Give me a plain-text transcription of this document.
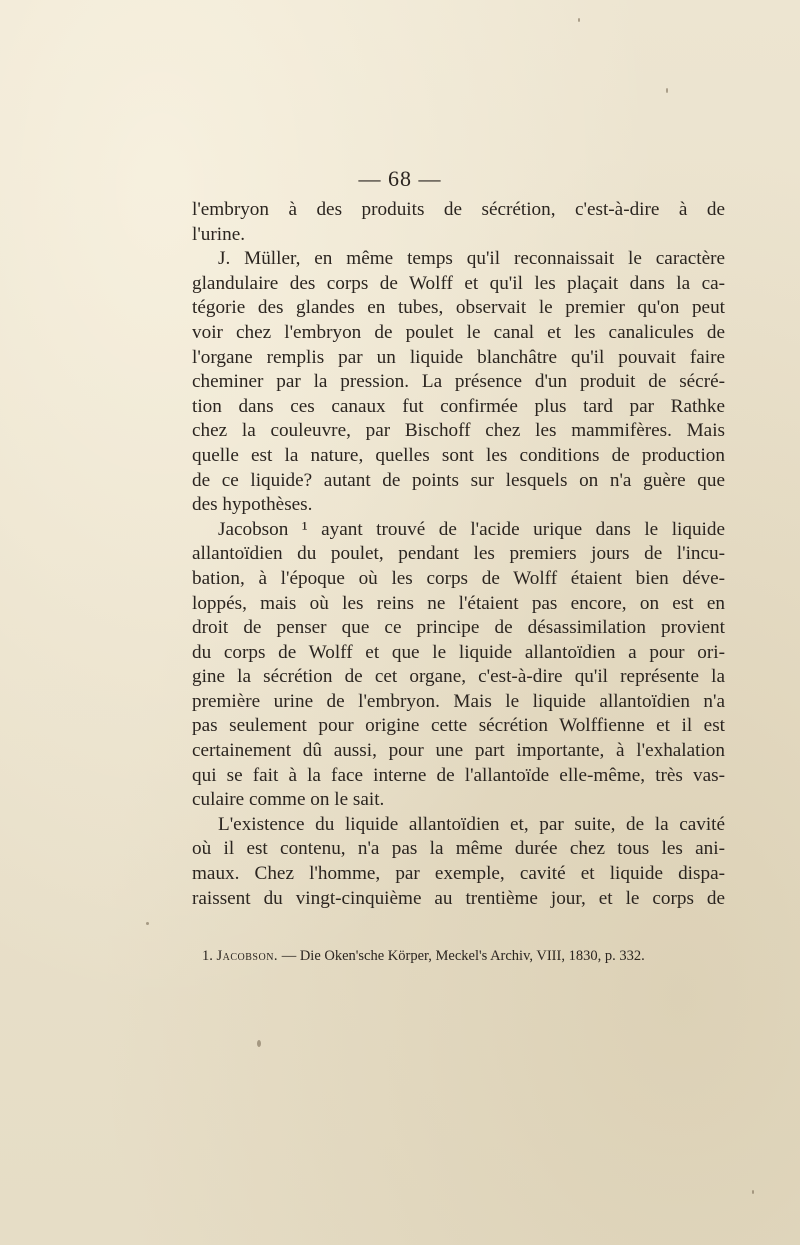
— 68 —
l'embryon à des produits de sécrétion, c'est-à-dire à de
l'urine.
J. Müller, en même temps qu'il reconnaissait le caractère
glandulaire des corps de Wolff et qu'il les plaçait dans la ca-
tégorie des glandes en tubes, observait le premier qu'on peut
voir chez l'embryon de poulet le canal et les canalicules de
l'organe remplis par un liquide blanchâtre qu'il pouvait faire
cheminer par la pression. La présence d'un produit de sécré-
tion dans ces canaux fut confirmée plus tard par Rathke
chez la couleuvre, par Bischoff chez les mammifères. Mais
quelle est la nature, quelles sont les conditions de production
de ce liquide? autant de points sur lesquels on n'a guère que
des hypothèses.
Jacobson ¹ ayant trouvé de l'acide urique dans le liquide
allantoïdien du poulet, pendant les premiers jours de l'incu-
bation, à l'époque où les corps de Wolff étaient bien déve-
loppés, mais où les reins ne l'étaient pas encore, on est en
droit de penser que ce principe de désassimilation provient
du corps de Wolff et que le liquide allantoïdien a pour ori-
gine la sécrétion de cet organe, c'est-à-dire qu'il représente la
première urine de l'embryon. Mais le liquide allantoïdien n'a
pas seulement pour origine cette sécrétion Wolffienne et il est
certainement dû aussi, pour une part importante, à l'exhalation
qui se fait à la face interne de l'allantoïde elle-même, très vas-
culaire comme on le sait.
L'existence du liquide allantoïdien et, par suite, de la cavité
où il est contenu, n'a pas la même durée chez tous les ani-
maux. Chez l'homme, par exemple, cavité et liquide dispa-
raissent du vingt-cinquième au trentième jour, et le corps de
1. Jacobson. — Die Oken'sche Körper, Meckel's Archiv, VIII, 1830, p. 332.
